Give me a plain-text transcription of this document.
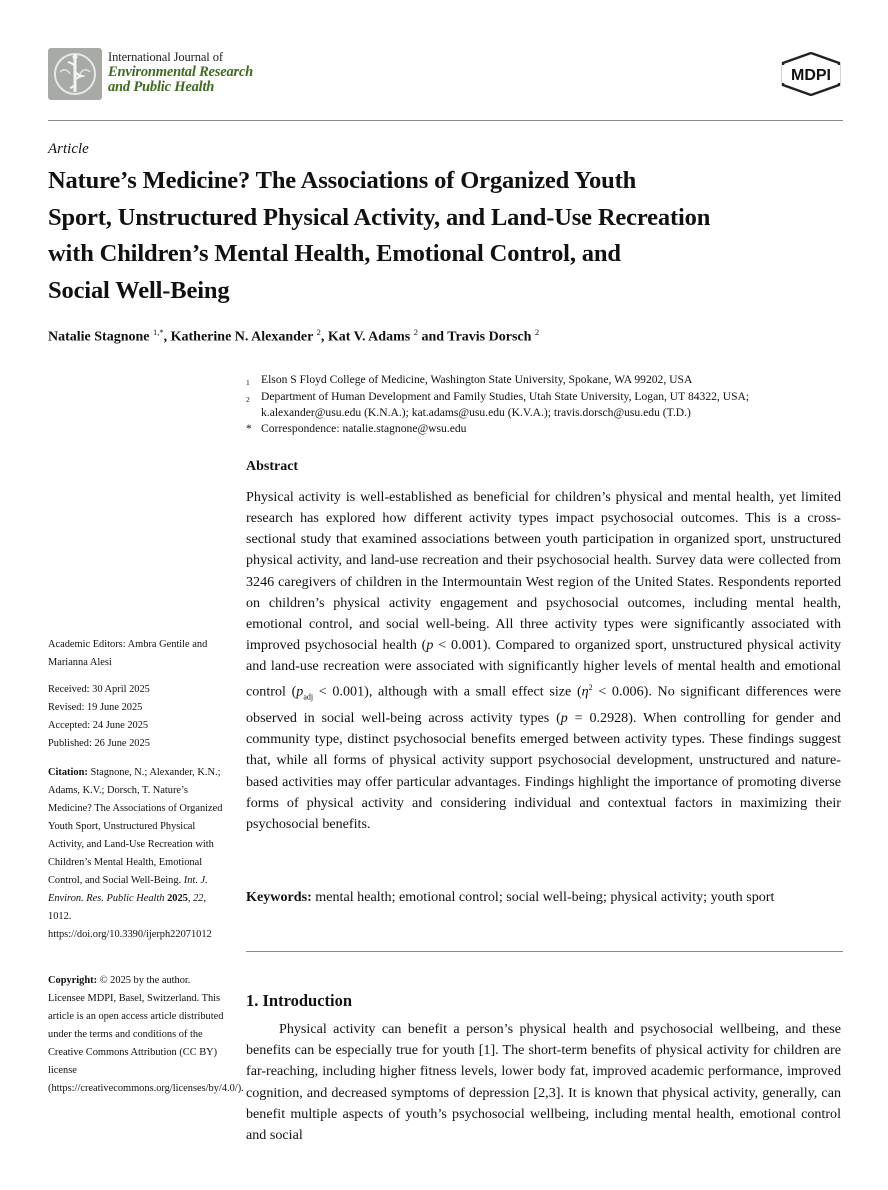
International Journal of
Environmental Research
and Public Health
MDPI
Article
Nature’s Medicine? The Associations of Organized Youth
Sport, Unstructured Physical Activity, and Land-Use Recreation
with Children’s Mental Health, Emotional Control, and
Social Well-Being
Natalie Stagnone $^{1,*}$, Katherine N. Alexander $^2$, Kat V. Adams $^2$ and Travis Dorsch $^2$
1 Elson S Floyd College of Medicine, Washington State University, Spokane, WA 99202, USA
2 Department of Human Development and Family Studies, Utah State University, Logan, UT 84322, USA;
k.alexander@usu.edu (K.N.A.); kat.adams@usu.edu (K.V.A.); travis.dorsch@usu.edu (T.D.)
* Correspondence: natalie.stagnone@wsu.edu
Abstract

Physical activity is well-established as beneficial for children’s physical and mental health, yet limited research has explored how different activity types impact psychosocial outcomes. This is a cross-sectional study that examined associations between youth participation in organized sport, unstructured physical activity, and land-use recreation and their psychosocial health. Survey data were collected from 3246 caregivers of children in the Intermountain West region of the United States. Respondents reported on children’s physical activity engagement and psychosocial outcomes, including mental health, emotional control, and social well-being. All three activity types were significantly associated with improved psychosocial health (p < 0.001). Compared to organized sport, unstructured physical activity and land-use recreation were associated with significantly higher levels of mental health and emotional control $(p_{adj} < 0.001)$, although with a small effect size $(\eta^2 < 0.006)$. No significant differences were observed in social well-being across activity types (p = 0.2928). When controlling for gender and community type, distinct psychosocial benefits emerged between activity types. These findings suggest that, while all forms of physical activity support psychosocial development, unstructured and nature-based activities may offer particular advantages. Findings highlight the importance of promoting diverse forms of physical activity and considering individual and contextual factors in maximizing their psychosocial benefits.

Keywords: mental health; emotional control; social well-being; physical activity; youth sport

1. Introduction

Physical activity can benefit a person’s physical health and psychosocial wellbeing, and these benefits can be especially true for youth [1]. The short-term benefits of physical activity for children are far-reaching, including higher fitness levels, lower body fat, improved academic performance, improved cognition, and decreased symptoms of depression [2,3]. It is known that physical activity, generally, can benefit multiple aspects of youth’s psychosocial wellbeing, including mental health, emotional control and social

Academic Editors: Ambra Gentile and Marianna Alesi

Received: 30 April 2025
Revised: 19 June 2025
Accepted: 24 June 2025
Published: 26 June 2025

Citation: Stagnone, N.; Alexander, K.N.; Adams, K.V.; Dorsch, T. Nature’s Medicine? The Associations of Organized Youth Sport, Unstructured Physical Activity, and Land-Use Recreation with Children’s Mental Health, Emotional Control, and Social Well-Being. Int. J. Environ. Res. Public Health 2025, 22, 1012. https://doi.org/10.3390/ijerph22071012

Copyright: © 2025 by the author. Licensee MDPI, Basel, Switzerland. This article is an open access article distributed under the terms and conditions of the Creative Commons Attribution (CC BY) license (https://creativecommons.org/licenses/by/4.0/).
